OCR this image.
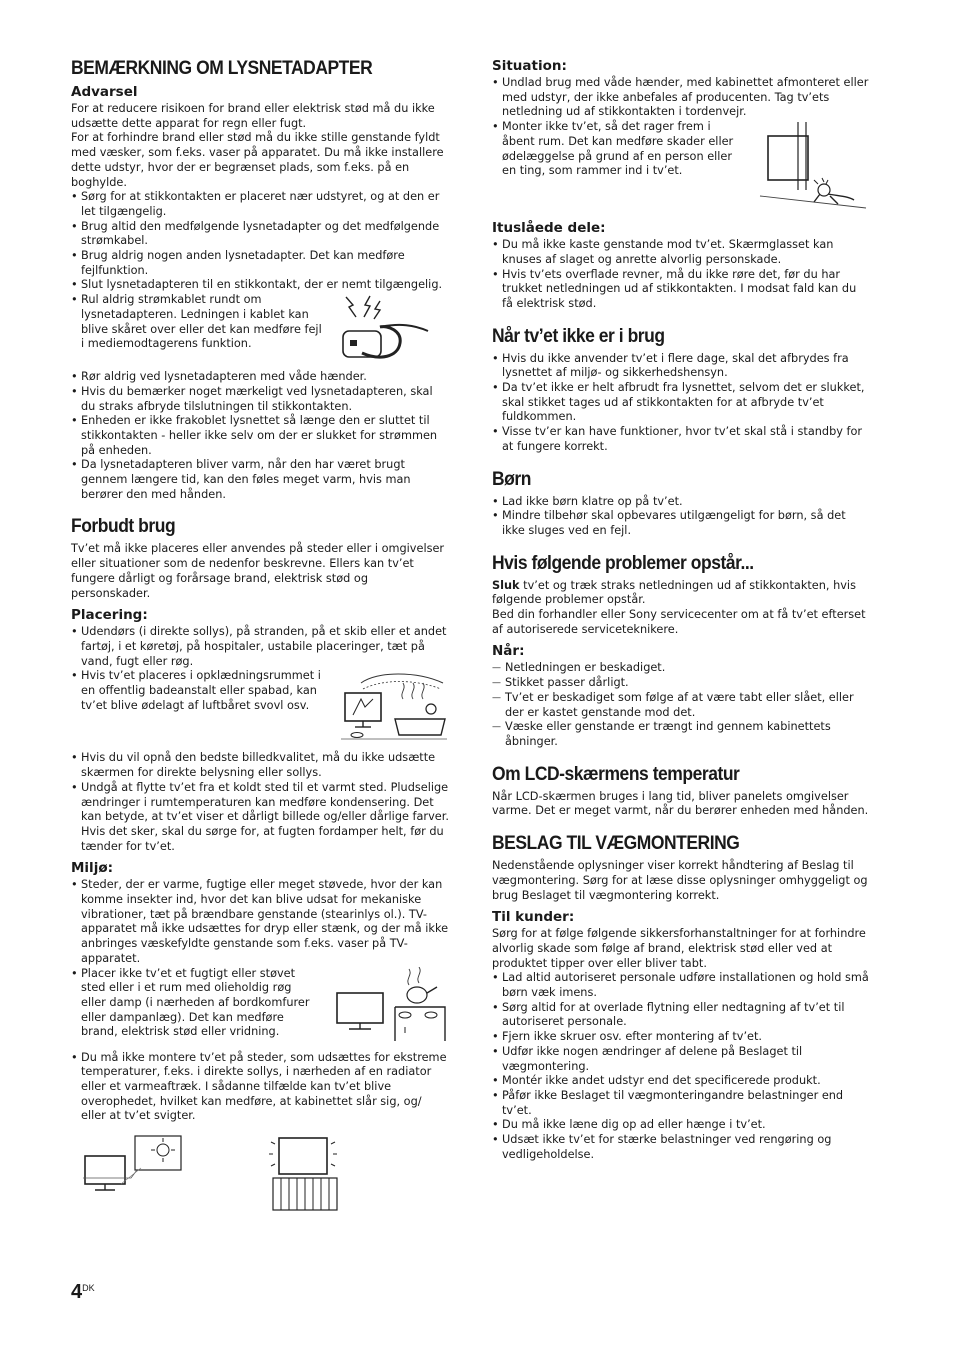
BEMÆRKNING OM LYSNETADAPTER
Advarsel

For at reducere risikoen for brand eller elektrisk stød må du ikke udsætte dette apparat for regn eller fugt.

For at forhindre brand eller stød må du ikke stille genstande fyldt med væsker, som f.eks. vaser på apparatet. Du må ikke installere dette udstyr, hvor der er begrænset plads, som f.eks. på en boghylde.

• Sørg for at stikkontakten er placeret nær udstyret, og at den er let tilgængelig.
• Brug altid den medfølgende lysnetadapter og det medfølgende strømkabel.
• Brug aldrig nogen anden lysnetadapter. Det kan medføre fejlfunktion.
• Slut lysnetadapteren til en stikkontakt, der er nemt tilgængelig.
• Rul aldrig strømkablet rundt om lysnetadapteren. Ledningen i kablet kan blive skåret over eller det kan medføre fejl i mediemodtagerens funktion.
• Rør aldrig ved lysnetadapteren med våde hænder.
• Hvis du bemærker noget mærkeligt ved lysnetadapteren, skal du straks afbryde tilslutningen til stikkontakten.
• Enheden er ikke frakoblet lysnettet så længe den er sluttet til stikkontakten - heller ikke selv om der er slukket for strømmen på enheden.
• Da lysnetadapteren bliver varm, når den har været brugt gennem længere tid, kan den føles meget varm, hvis man berører den med hånden.
Forbudt brug

Tv’et må ikke placeres eller anvendes på steder eller i omgivelser eller situationer som de nedenfor beskrevne. Ellers kan tv’et fungere dårligt og forårsage brand, elektrisk stød og personskader.

Placering:
• Udendørs (i direkte sollys), på stranden, på et skib eller et andet fartøj, i et køretøj, på hospitaler, ustabile placeringer, tæt på vand, fugt eller røg.
• Hvis tv’et placeres i opklædningsrummet i en offentlig badeanstalt eller spabad, kan tv’et blive ødelagt af luftbåret svovl osv.
• Hvis du vil opnå den bedste billedkvalitet, må du ikke udsætte skærmen for direkte belysning eller sollys.
• Undgå at flytte tv’et fra et koldt sted til et varmt sted. Pludselige ændringer i rumtemperaturen kan medføre kondensering. Det kan betyde, at tv’et viser et dårligt billede og/eller dårlige farver. Hvis det sker, skal du sørge for, at fugten fordamper helt, før du tænder for tv’et.
Miljø:
• Steder, der er varme, fugtige eller meget støvede, hvor der kan komme insekter ind, hvor det kan blive udsat for mekaniske vibrationer, tæt på brændbare genstande (stearinlys ol.). TV-apparatet må ikke udsættes for dryp eller stænk, og der må ikke anbringes væskefyldte genstande som f.eks. vaser på TV-apparatet.
• Placer ikke tv’et et fugtigt eller støvet sted eller i et rum med olieholdig røg eller damp (i nærheden af bordkomfurer eller dampanlæg). Det kan medføre brand, elektrisk stød eller vridning.
• Du må ikke montere tv’et på steder, som udsættes for ekstreme temperaturer, f.eks. i direkte sollys, i nærheden af en radiator eller et varmeaftræk. I sådanne tilfælde kan tv’et blive overophedet, hvilket kan medføre, at kabinettet slår sig, og/ eller at tv’et svigter.
Situation:
• Undlad brug med våde hænder, med kabinettet afmonteret eller med udstyr, der ikke anbefales af producenten. Tag tv’ets netledning ud af stikkontakten i tordenvejr.
• Monter ikke tv’et, så det rager frem i åbent rum. Det kan medføre skader eller ødelæggelse på grund af en person eller en ting, som rammer ind i tv’et.
Ituslåede dele:
• Du må ikke kaste genstande mod tv’et. Skærmglasset kan knuses af slaget og anrette alvorlig personskade.
• Hvis tv’ets overflade revner, må du ikke røre det, før du har trukket netledningen ud af stikkontakten. I modsat fald kan du få elektrisk stød.
Når tv’et ikke er i brug
• Hvis du ikke anvender tv’et i flere dage, skal det afbrydes fra lysnettet af miljø- og sikkerhedshensyn.
• Da tv’et ikke er helt afbrudt fra lysnettet, selvom det er slukket, skal stikket tages ud af stikkontakten for at afbryde tv’et fuldkommen.
• Visse tv’er kan have funktioner, hvor tv’et skal stå i standby for at fungere korrekt.
Børn
• Lad ikke børn klatre op på tv’et.
• Mindre tilbehør skal opbevares utilgængeligt for børn, så det ikke sluges ved en fejl.
Hvis følgende problemer opstår...

Sluk tv’et og træk straks netledningen ud af stikkontakten, hvis følgende problemer opstår.

Bed din forhandler eller Sony servicecenter om at få tv’et efterset af autoriserede serviceteknikere.

Når:
— Netledningen er beskadiget.
— Stikket passer dårligt.
— Tv’et er beskadiget som følge af at være tabt eller slået, eller der er kastet genstande mod det.
— Væske eller genstande er trængt ind gennem kabinettets åbninger.
Om LCD-skærmens temperatur

Når LCD-skærmen bruges i lang tid, bliver panelets omgivelser varme. Det er meget varmt, når du berører enheden med hånden.

BESLAG TIL VÆGMONTERING

Nedenstående oplysninger viser korrekt håndtering af Beslag til vægmontering. Sørg for at læse disse oplysninger omhyggeligt og brug Beslaget til vægmontering korrekt.

Til kunder:

Sørg for at følge følgende sikkersforhanstaltninger for at forhindre alvorlig skade som følge af brand, elektrisk stød eller ved at produktet tipper over eller bliver tabt.

• Lad altid autoriseret personale udføre installationen og hold små børn væk imens.
• Sørg altid for at overlade flytning eller nedtagning af tv’et til autoriseret personale.
• Fjern ikke skruer osv. efter montering af tv’et.
• Udfør ikke nogen ændringer af delene på Beslaget til vægmontering.
• Montér ikke andet udstyr end det specificerede produkt.
• Påfør ikke Beslaget til vægmonteringandre belastninger end tv’et.
• Du må ikke læne dig op ad eller hænge i tv’et.
• Udsæt ikke tv’et for stærke belastninger ved rengøring og vedligeholdelse.
$4^{DK}$
